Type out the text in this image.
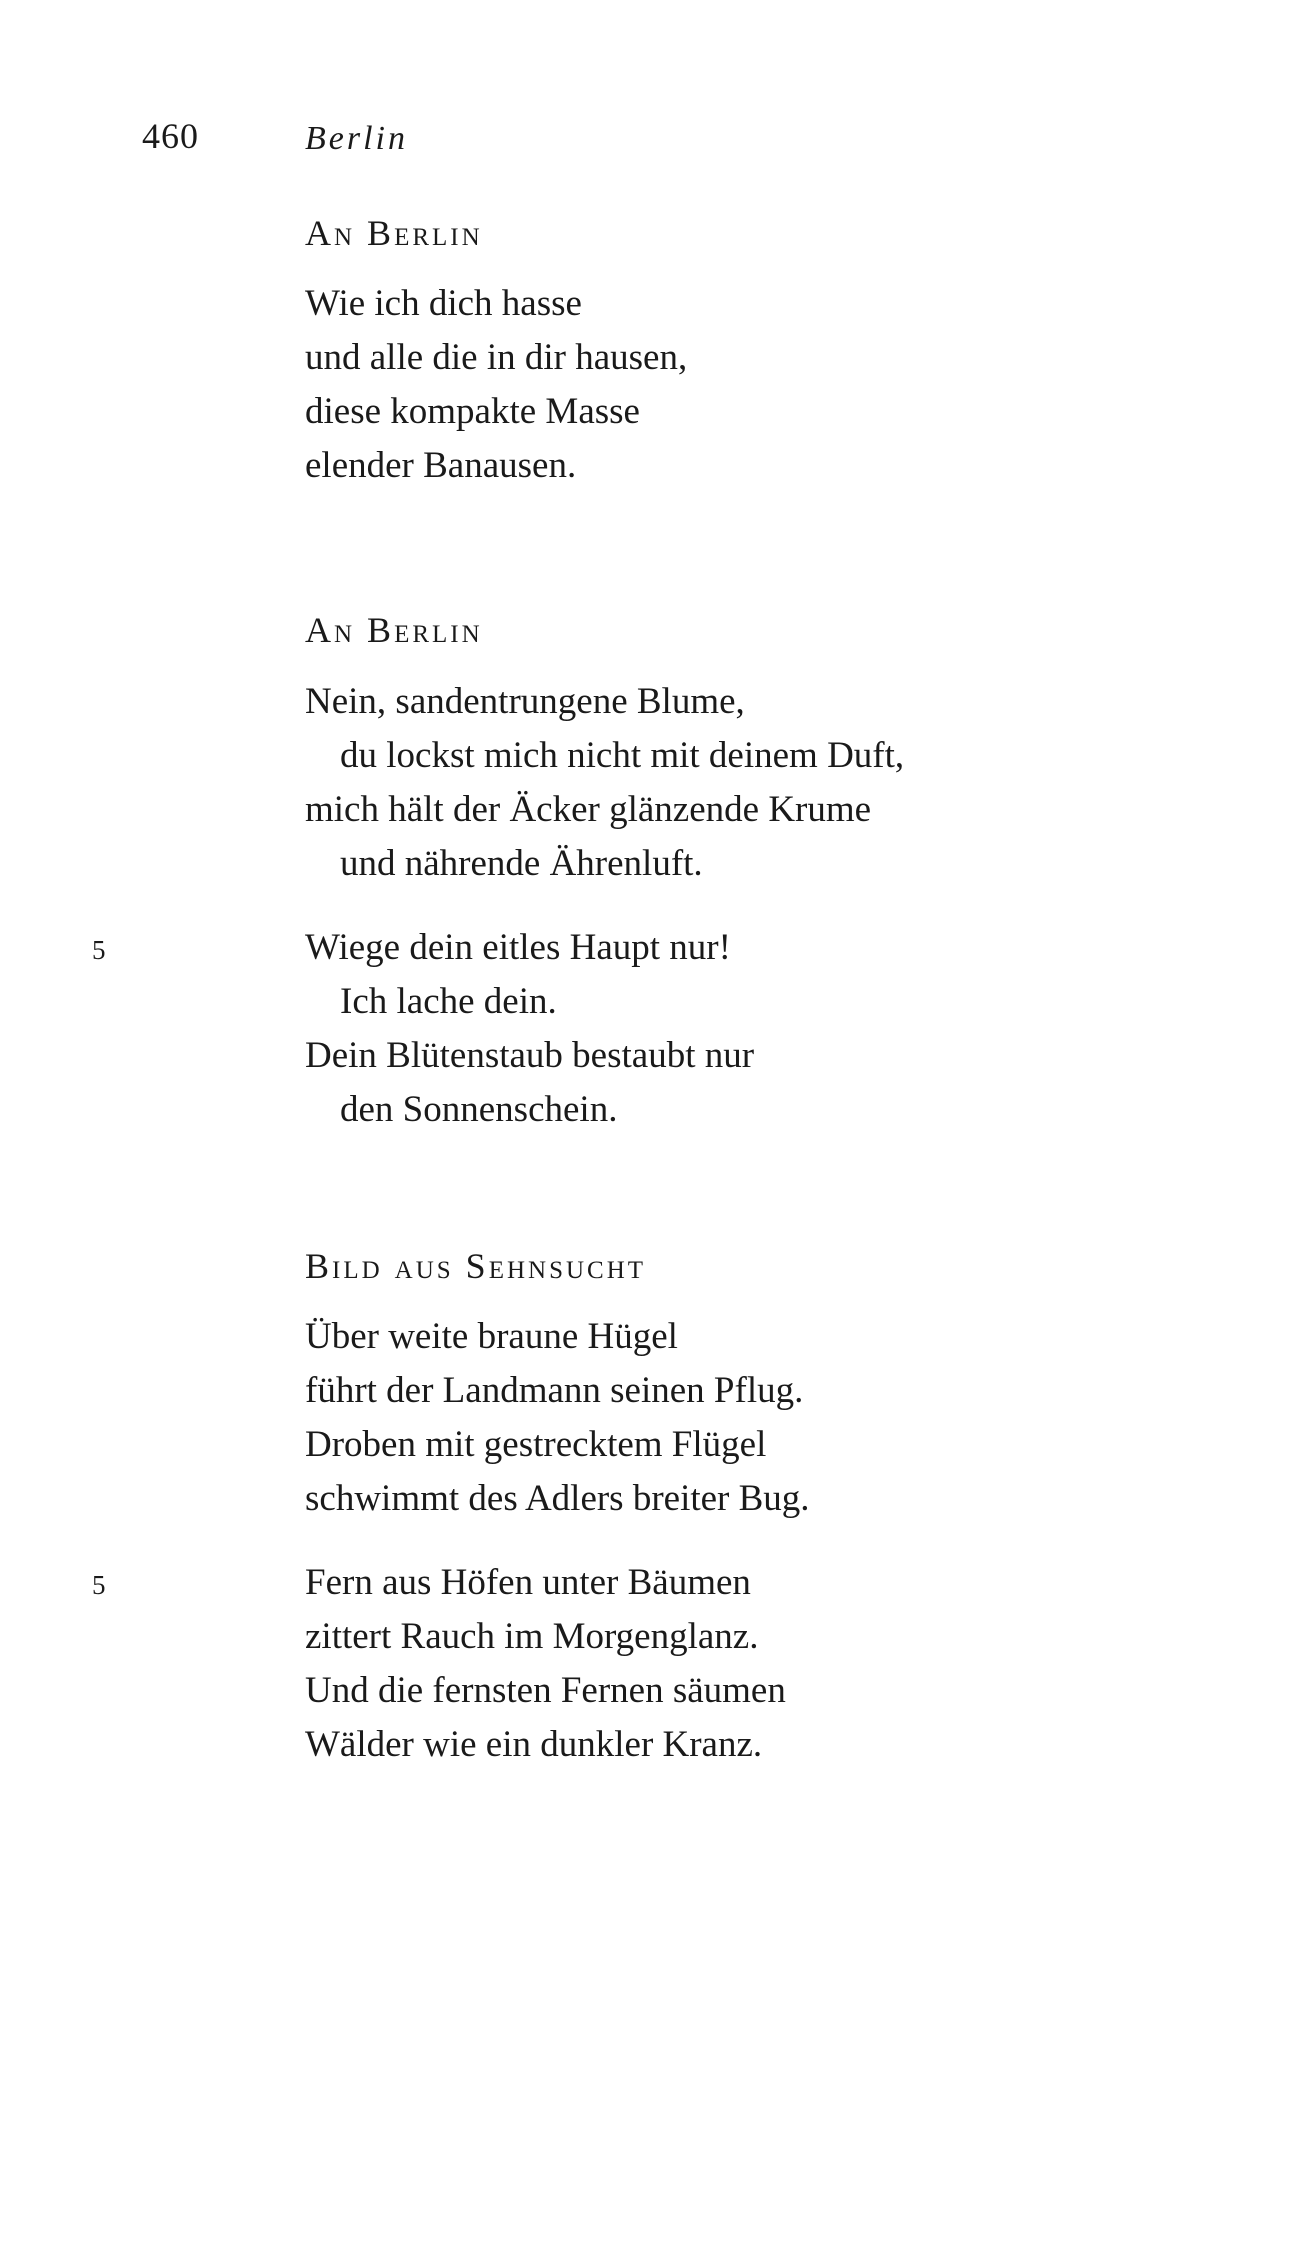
460	Berlin
An Berlin
Wie ich dich hasse
und alle die in dir hausen,
diese kompakte Masse
elender Banausen.
An Berlin
Nein, sandentrungene Blume,
du lockst mich nicht mit deinem Duft,
mich hält der Äcker glänzende Krume
und nährende Ährenluft.
5	Wiege dein eitles Haupt nur!
Ich lache dein.
Dein Blütenstaub bestaubt nur
den Sonnenschein.
Bild aus Sehnsucht
Über weite braune Hügel
führt der Landmann seinen Pflug.
Droben mit gestrecktem Flügel
schwimmt des Adlers breiter Bug.
5	Fern aus Höfen unter Bäumen
zittert Rauch im Morgenglanz.
Und die fernsten Fernen säumen
Wälder wie ein dunkler Kranz.
